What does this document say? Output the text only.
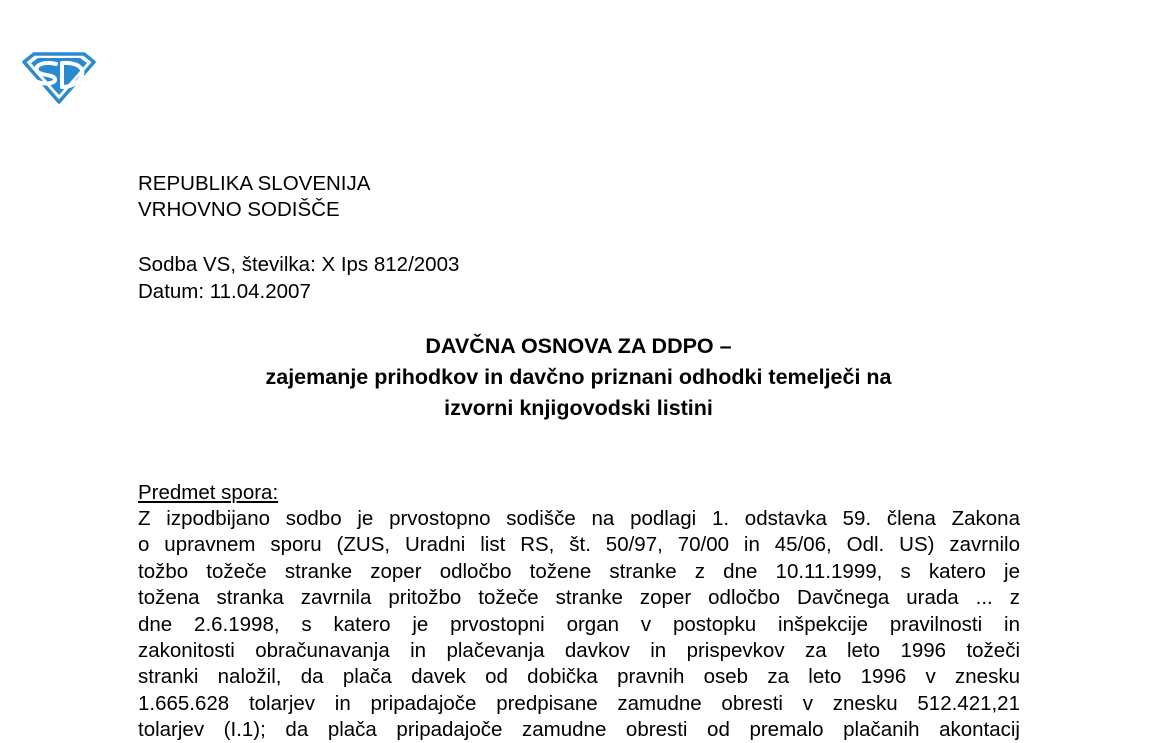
REPUBLIKA SLOVENIJA
VRHOVNO SODIŠČE
Sodba VS, številka: X Ips 812/2003
Datum: 11.04.2007
DAVČNA OSNOVA ZA DDPO –
zajemanje prihodkov in davčno priznani odhodki temelječi na
izvorni knjigovodski listini
Predmet spora:
Z izpodbijano sodbo je prvostopno sodišče na podlagi 1. odstavka 59. člena Zakona
o upravnem sporu (ZUS, Uradni list RS, št. 50/97, 70/00 in 45/06, Odl. US) zavrnilo
tožbo tožeče stranke zoper odločbo tožene stranke z dne 10.11.1999, s katero je
tožena stranka zavrnila pritožbo tožeče stranke zoper odločbo Davčnega urada ... z
dne 2.6.1998, s katero je prvostopni organ v postopku inšpekcije pravilnosti in
zakonitosti obračunavanja in plačevanja davkov in prispevkov za leto 1996 tožeči
stranki naložil, da plača davek od dobička pravnih oseb za leto 1996 v znesku
1.665.628 tolarjev in pripadajoče predpisane zamudne obresti v znesku 512.421,21
tolarjev (I.1); da plača pripadajoče zamudne obresti od premalo plačanih akontacij
